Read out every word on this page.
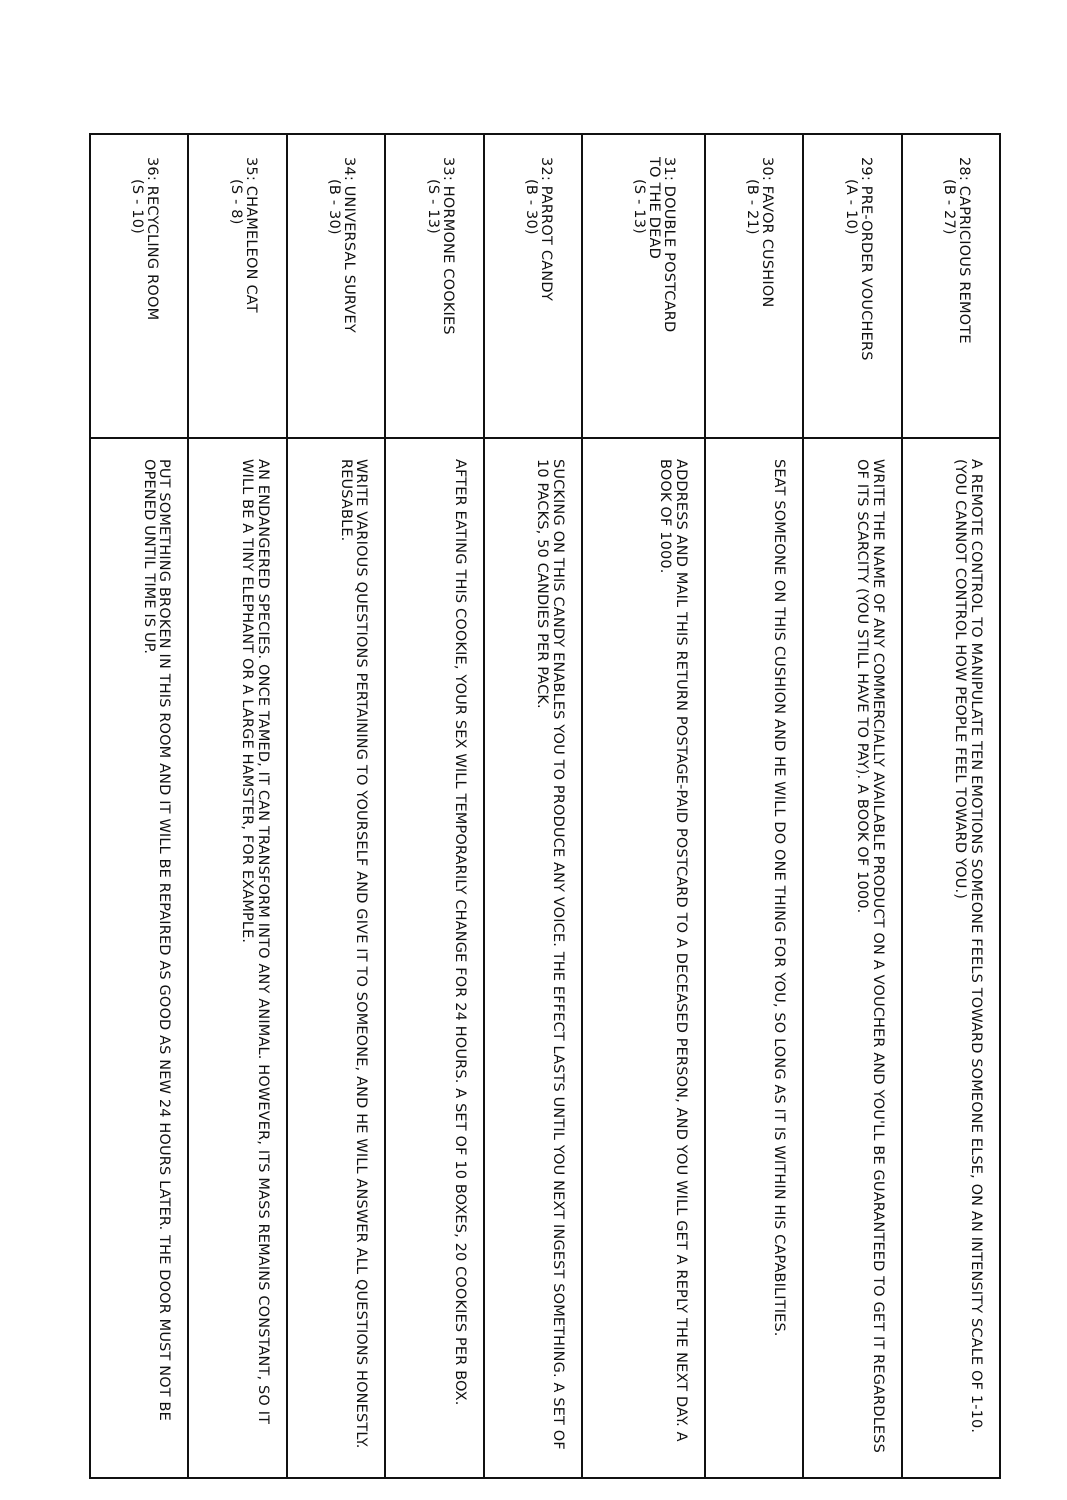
28: CAPRICIOUS REMOTE
(B - 27)	A REMOTE CONTROL TO MANIPULATE TEN EMOTIONS SOMEONE FEELS TOWARD SOMEONE ELSE, ON AN INTENSITY SCALE OF 1-10. (YOU CANNOT CONTROL HOW PEOPLE FEEL TOWARD YOU.)

29: PRE-ORDER VOUCHERS
(A - 10)	WRITE THE NAME OF ANY COMMERCIALLY AVAILABLE PRODUCT ON A VOUCHER AND YOU'LL BE GUARANTEED TO GET IT REGARDLESS OF ITS SCARCITY (YOU STILL HAVE TO PAY). A BOOK OF 1000.

30: FAVOR CUSHION
(B - 21)	SEAT SOMEONE ON THIS CUSHION AND HE WILL DO ONE THING FOR YOU, SO LONG AS IT IS WITHIN HIS CAPABILITIES.

31: DOUBLE POSTCARD
TO THE DEAD
(S - 13)	ADDRESS AND MAIL THIS RETURN POSTAGE-PAID POSTCARD TO A DECEASED PERSON, AND YOU WILL GET A REPLY THE NEXT DAY. A BOOK OF 1000.

32: PARROT CANDY
(B - 30)	SUCKING ON THIS CANDY ENABLES YOU TO PRODUCE ANY VOICE. THE EFFECT LASTS UNTIL YOU NEXT INGEST SOMETHING. A SET OF 10 PACKS, 50 CANDIES PER PACK.

33: HORMONE COOKIES
(S - 13)	AFTER EATING THIS COOKIE, YOUR SEX WILL TEMPORARILY CHANGE FOR 24 HOURS. A SET OF 10 BOXES, 20 COOKIES PER BOX.

34: UNIVERSAL SURVEY
(B - 30)	WRITE VARIOUS QUESTIONS PERTAINING TO YOURSELF AND GIVE IT TO SOMEONE, AND HE WILL ANSWER ALL QUESTIONS HONESTLY. REUSABLE.

35: CHAMELEON CAT
(S - 8)	AN ENDANGERED SPECIES. ONCE TAMED, IT CAN TRANSFORM INTO ANY ANIMAL. HOWEVER, ITS MASS REMAINS CONSTANT, SO IT WILL BE A TINY ELEPHANT OR A LARGE HAMSTER, FOR EXAMPLE.

36: RECYCLING ROOM
(S - 10)	PUT SOMETHING BROKEN IN THIS ROOM AND IT WILL BE REPAIRED AS GOOD AS NEW 24 HOURS LATER. THE DOOR MUST NOT BE OPENED UNTIL TIME IS UP.
